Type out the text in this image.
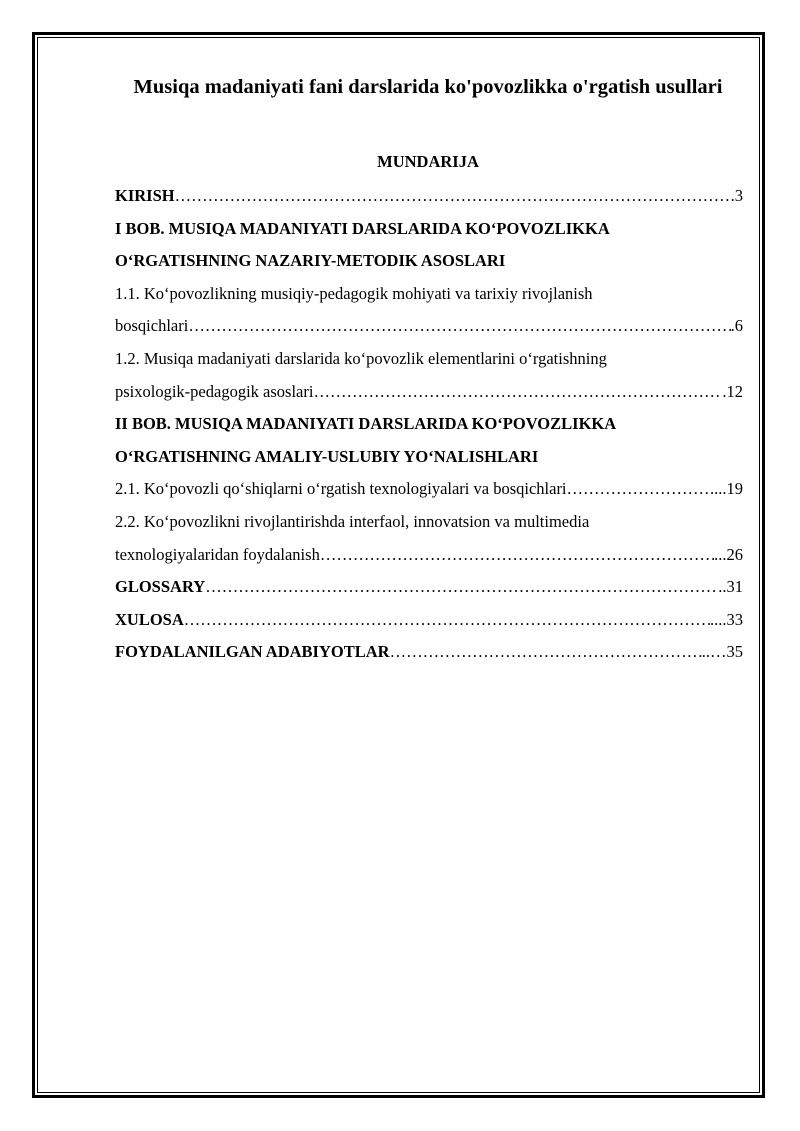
Musiqa madaniyati fani darslarida ko'povozlikka o'rgatish usullari
MUNDARIJA
KIRISH ……………………………………………………………………………………………………………………………………	.3
I BOB. MUSIQA MADANIYATI DARSLARIDA KO‘POVOZLIKKA
O‘RGATISHNING NAZARIY-METODIK ASOSLARI
1.1. Ko‘povozlikning musiqiy-pedagogik mohiyati va tarixiy rivojlanish
bosqichlari ……………………………………………………………………………………………………………………………………	.6
1.2. Musiqa madaniyati darslarida ko‘povozlik elementlarini o‘rgatishning
psixologik-pedagogik asoslari ……………………………………………………………………………………………………………………………………	.12
II BOB. MUSIQA MADANIYATI DARSLARIDA KO‘POVOZLIKKA
O‘RGATISHNING AMALIY-USLUBIY YO‘NALISHLARI
2.1. Ko‘povozli qo‘shiqlarni o‘rgatish texnologiyalari va bosqichlari ……………………………………………………………………………………………………………………………………	....19
2.2. Ko‘povozlikni rivojlantirishda interfaol, innovatsion va multimedia
texnologiyalaridan foydalanish ……………………………………………………………………………………………………………………………………	...26
GLOSSARY ……………………………………………………………………………………………………………………………………	..31
XULOSA ……………………………………………………………………………………………………………………………………	....33
FOYDALANILGAN ADABIYOTLAR ……………………………………………………………………………………………………………………………………	..…35
